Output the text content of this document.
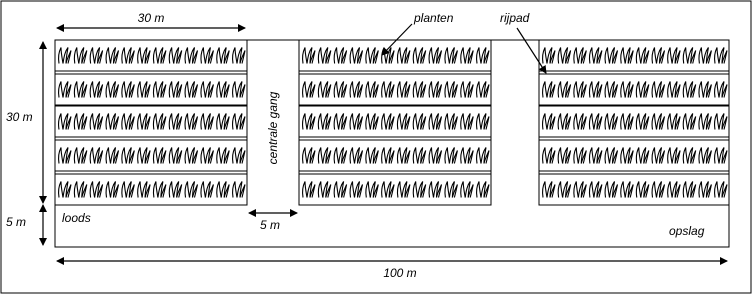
30 m
30 m
5 m	5 m
100 m
centrale gang
planten	rijpad
loods
opslag
